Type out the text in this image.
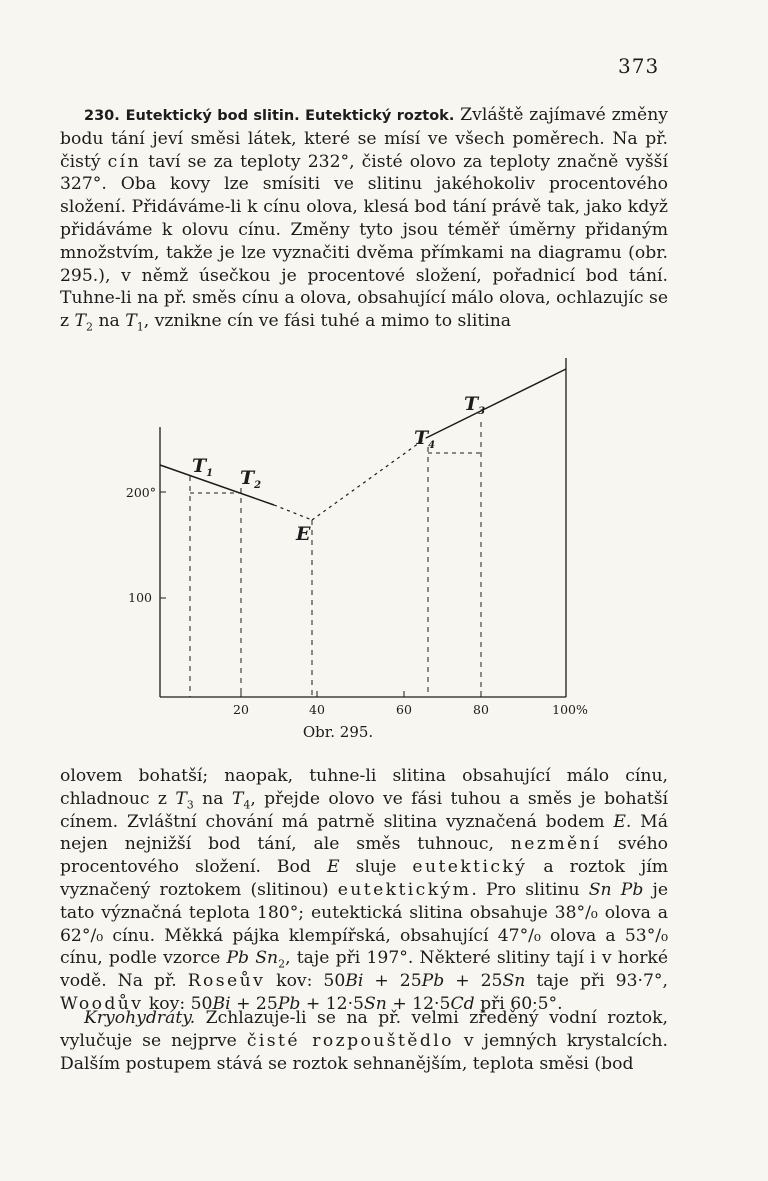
373

230. Eutektický bod slitin. Eutektický roztok. Zvláště zajímavé změny bodu tání jeví směsi látek, které se mísí ve všech poměrech. Na př. čistý cín taví se za teploty 232°, čisté olovo za teploty značně vyšší 327°. Oba kovy lze smísiti ve slitinu jakéhokoliv procentového složení. Přidáváme-li k cínu olova, klesá bod tání právě tak, jako když přidáváme k olovu cínu. Změny tyto jsou téměř úměrny přidaným množstvím, takže je lze vyznačiti dvěma přímkami na diagramu (obr. 295.), v němž úsečkou je procentové složení, pořadnicí bod tání. Tuhne-li na př. směs cínu a olova, obsahující málo olova, ochlazujíc se z $T_2$ na $T_1$, vznikne cín ve fási tuhé a mimo to slitina

$T_1$ $T_2$
E
$T_4$
$T_3$
200°
100
20	40	60	80	100%
Obr. 295.

olovem bohatší; naopak, tuhne-li slitina obsahující málo cínu, chladnouc z $T_3$ na $T_4$, přejde olovo ve fási tuhou a směs je bohatší cínem. Zvláštní chování má patrně slitina vyznačená bodem E. Má nejen nejnižší bod tání, ale směs tuhnouc, nezmění svého procentového složení. Bod E sluje eutektický a roztok jím vyznačený roztokem (slitinou) eutektickým. Pro slitinu Sn Pb je tato význačná teplota 180°; eutektická slitina obsahuje 38°/₀ olova a 62°/₀ cínu. Měkká pájka klempířská, obsahující 47°/₀ olova a 53°/₀ cínu, podle vzorce Pb $Sn_2$, taje při 197°. Některé slitiny tají i v horké vodě. Na př. Roseův kov: 50Bi + 25Pb + 25Sn taje při 93·7°, Woodův kov: 50Bi + 25Pb + 12·5Sn + 12·5Cd při 60·5°.

Kryohydráty. Zchlazuje-li se na př. velmi zředěný vodní roztok, vylučuje se nejprve čisté rozpouštědlo v jemných krystalcích. Dalším postupem stává se roztok sehnanějším, teplota směsi (bod
